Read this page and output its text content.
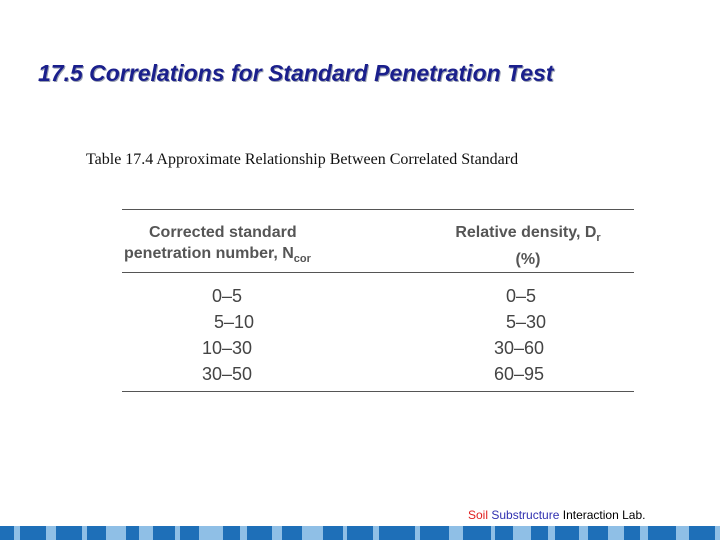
17.5 Correlations for Standard Penetration Test
Table 17.4 Approximate Relationship Between Correlated Standard
Corrected standard
penetration number, $N_{cor}$
Relative density, $D_r$
(%)
0–5
5–10
10–30
30–50
0–5
5–30
30–60
60–95
Soil Substructure Interaction Lab.
